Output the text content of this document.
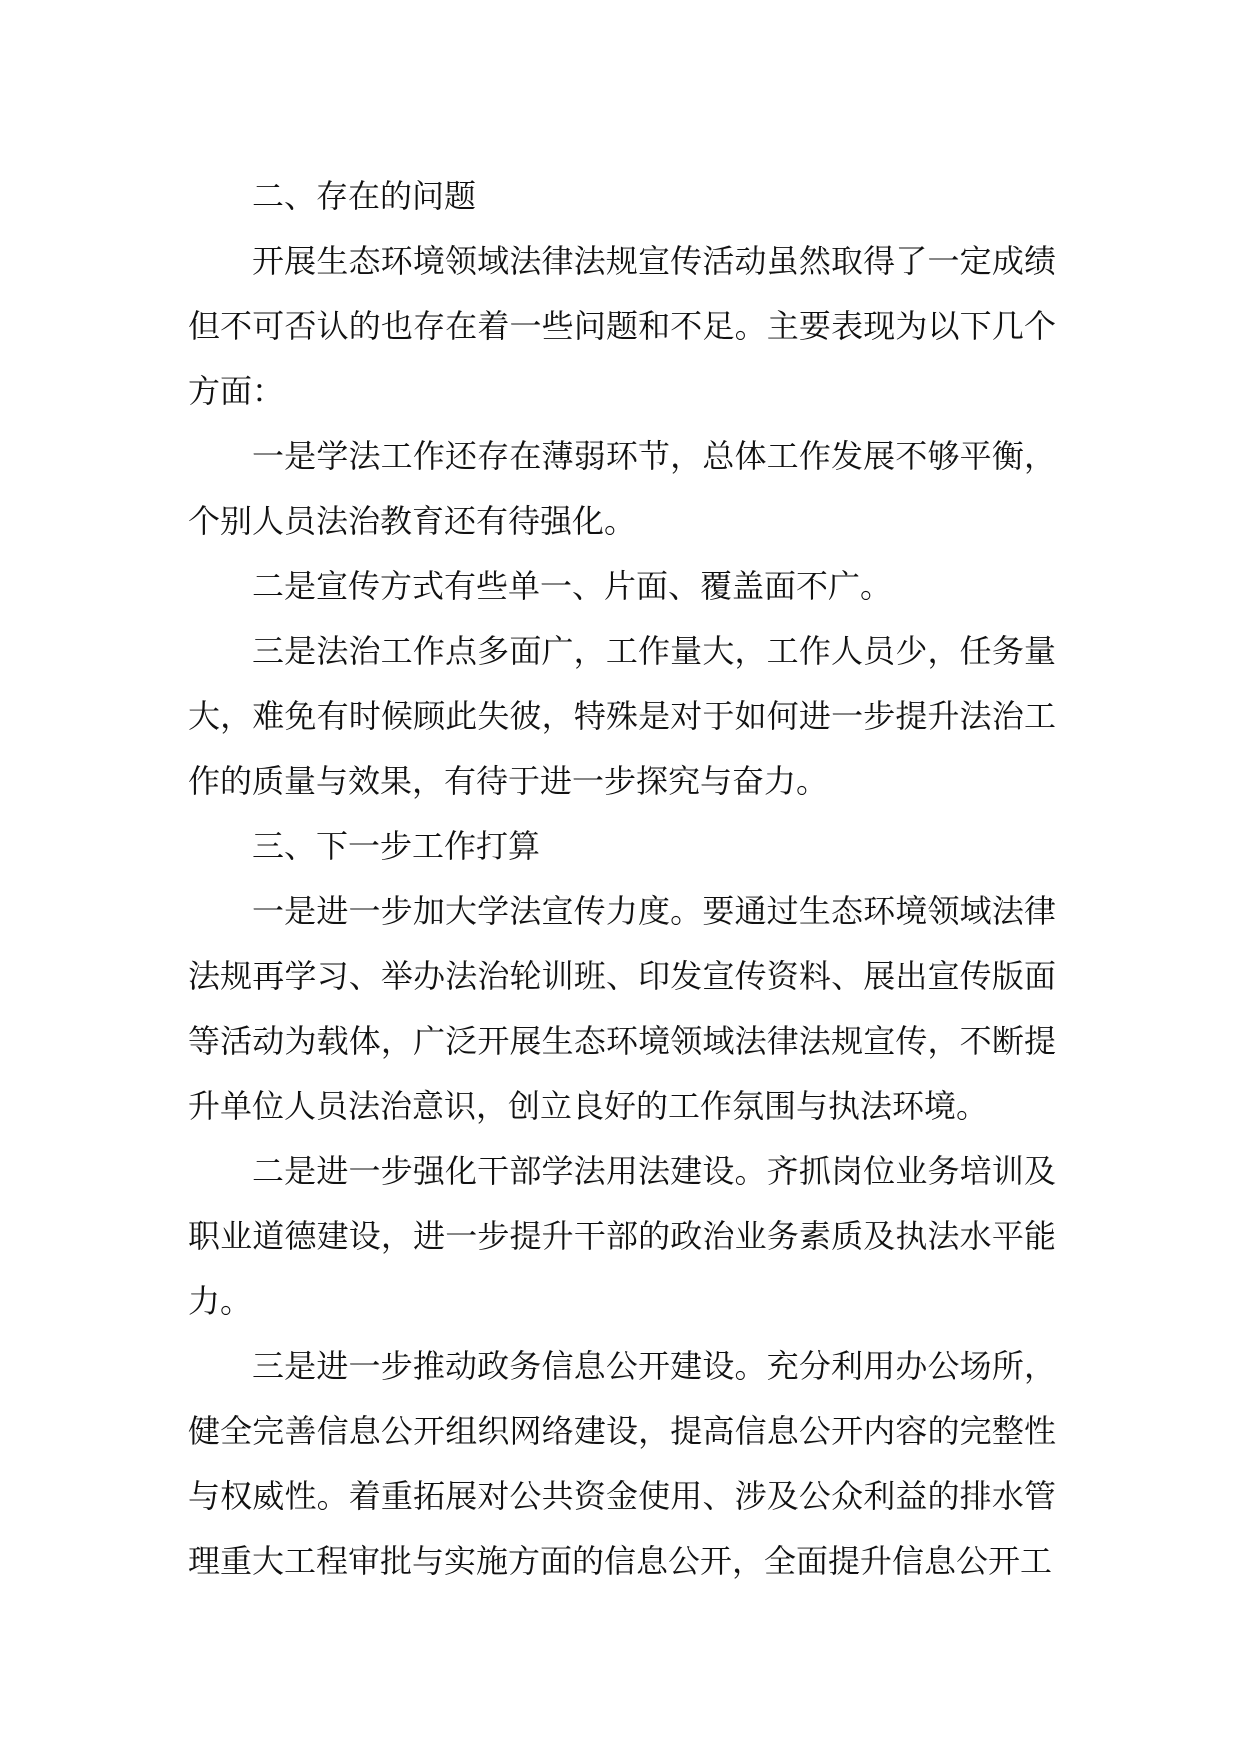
二、存在的问题

开展生态环境领域法律法规宣传活动虽然取得了一定成绩但不可否认的也存在着一些问题和不足。主要表现为以下几个方面：

一是学法工作还存在薄弱环节，总体工作发展不够平衡，个别人员法治教育还有待强化。

二是宣传方式有些单一、片面、覆盖面不广。

三是法治工作点多面广，工作量大，工作人员少，任务量大，难免有时候顾此失彼，特殊是对于如何进一步提升法治工作的质量与效果，有待于进一步探究与奋力。

三、下一步工作打算

一是进一步加大学法宣传力度。要通过生态环境领域法律法规再学习、举办法治轮训班、印发宣传资料、展出宣传版面等活动为载体，广泛开展生态环境领域法律法规宣传，不断提升单位人员法治意识，创立良好的工作氛围与执法环境。

二是进一步强化干部学法用法建设。齐抓岗位业务培训及职业道德建设，进一步提升干部的政治业务素质及执法水平能力。

三是进一步推动政务信息公开建设。充分利用办公场所，健全完善信息公开组织网络建设，提高信息公开内容的完整性与权威性。着重拓展对公共资金使用、涉及公众利益的排水管理重大工程审批与实施方面的信息公开，全面提升信息公开工
